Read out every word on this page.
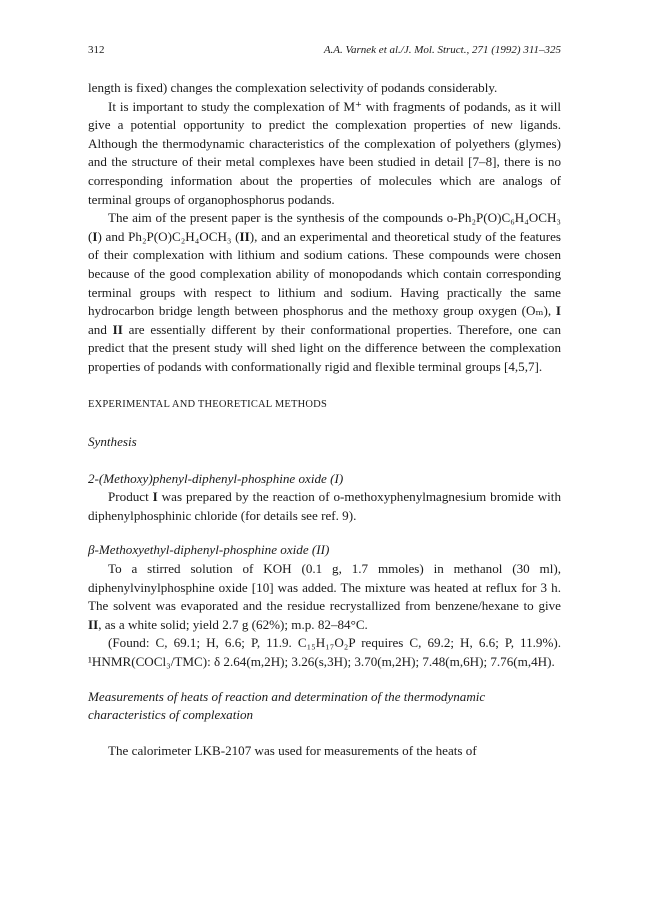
312	A.A. Varnek et al./J. Mol. Struct., 271 (1992) 311–325

length is fixed) changes the complexation selectivity of podands considerably.

It is important to study the complexation of M⁺ with fragments of podands, as it will give a potential opportunity to predict the complexation properties of new ligands. Although the thermodynamic characteristics of the complexation of polyethers (glymes) and the structure of their metal complexes have been studied in detail [7–8], there is no corresponding information about the properties of molecules which are analogs of terminal groups of organophosphorus podands.

The aim of the present paper is the synthesis of the compounds o-Ph₂P(O)C₆H₄OCH₃ (I) and Ph₂P(O)C₂H₄OCH₃ (II), and an experimental and theoretical study of the features of their complexation with lithium and sodium cations. These compounds were chosen because of the good complexation ability of monopodands which contain corresponding terminal groups with respect to lithium and sodium. Having practically the same hydrocarbon bridge length between phosphorus and the methoxy group oxygen (Oₘ), I and II are essentially different by their conformational properties. Therefore, one can predict that the present study will shed light on the difference between the complexation properties of podands with conformationally rigid and flexible terminal groups [4,5,7].

EXPERIMENTAL AND THEORETICAL METHODS

Synthesis

2-(Methoxy)phenyl-diphenyl-phosphine oxide (I)

Product I was prepared by the reaction of o-methoxyphenylmagnesium bromide with diphenylphosphinic chloride (for details see ref. 9).

β-Methoxyethyl-diphenyl-phosphine oxide (II)

To a stirred solution of KOH (0.1 g, 1.7 mmoles) in methanol (30 ml), diphenylvinylphosphine oxide [10] was added. The mixture was heated at reflux for 3 h. The solvent was evaporated and the residue recrystallized from benzene/hexane to give II, as a white solid; yield 2.7 g (62%); m.p. 82–84°C.

(Found: C, 69.1; H, 6.6; P, 11.9. C₁₅H₁₇O₂P requires C, 69.2; H, 6.6; P, 11.9%). ¹HNMR(COCl₃/TMC): δ 2.64(m,2H); 3.26(s,3H); 3.70(m,2H); 7.48(m,6H); 7.76(m,4H).

Measurements of heats of reaction and determination of the thermodynamic characteristics of complexation

The calorimeter LKB-2107 was used for measurements of the heats of
